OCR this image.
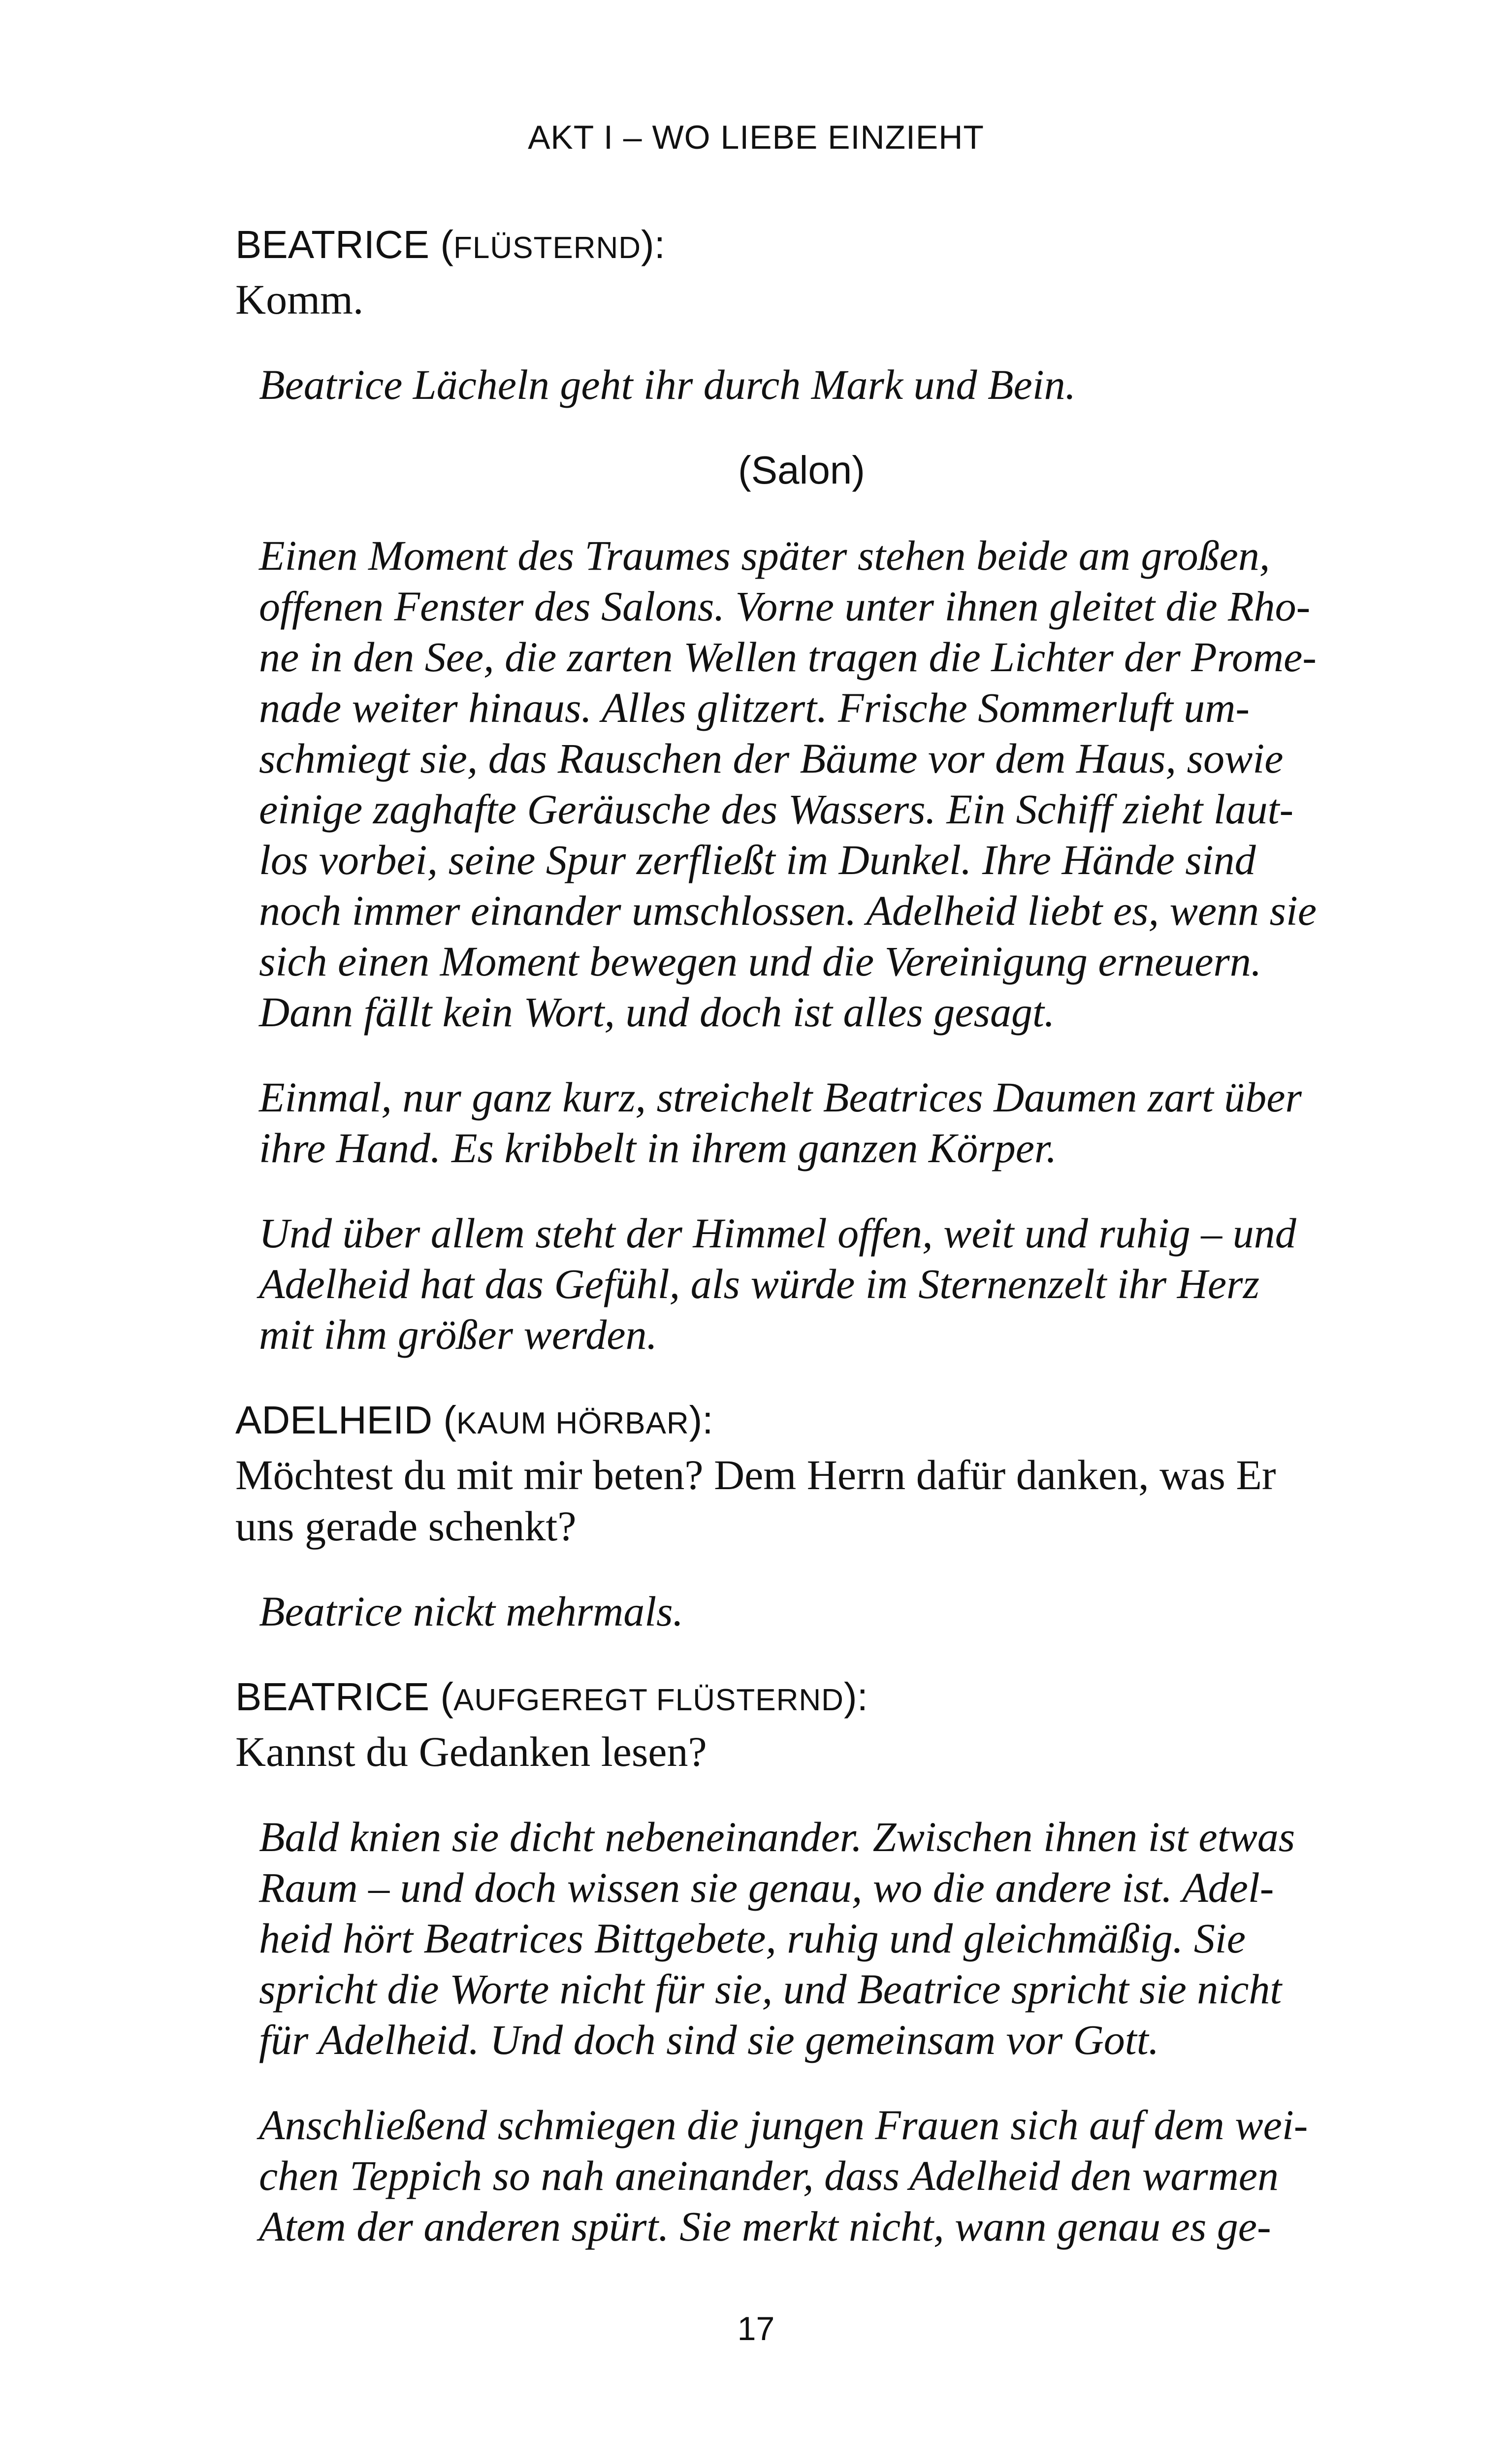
AKT I – WO LIEBE EINZIEHT

BEATRICE (FLÜSTERND):

Komm.

Beatrice Lächeln geht ihr durch Mark und Bein.

(Salon)

Einen Moment des Traumes später stehen beide am großen,
offenen Fenster des Salons. Vorne unter ihnen gleitet die Rho-
ne in den See, die zarten Wellen tragen die Lichter der Prome-
nade weiter hinaus. Alles glitzert. Frische Sommerluft um-
schmiegt sie, das Rauschen der Bäume vor dem Haus, sowie
einige zaghafte Geräusche des Wassers. Ein Schiff zieht laut-
los vorbei, seine Spur zerfließt im Dunkel. Ihre Hände sind
noch immer einander umschlossen. Adelheid liebt es, wenn sie
sich einen Moment bewegen und die Vereinigung erneuern.
Dann fällt kein Wort, und doch ist alles gesagt.

Einmal, nur ganz kurz, streichelt Beatrices Daumen zart über
ihre Hand. Es kribbelt in ihrem ganzen Körper.

Und über allem steht der Himmel offen, weit und ruhig – und
Adelheid hat das Gefühl, als würde im Sternenzelt ihr Herz
mit ihm größer werden.

ADELHEID (KAUM HÖRBAR):

Möchtest du mit mir beten? Dem Herrn dafür danken, was Er
uns gerade schenkt?

Beatrice nickt mehrmals.

BEATRICE (AUFGEREGT FLÜSTERND):

Kannst du Gedanken lesen?

Bald knien sie dicht nebeneinander. Zwischen ihnen ist etwas
Raum – und doch wissen sie genau, wo die andere ist. Adel-
heid hört Beatrices Bittgebete, ruhig und gleichmäßig. Sie
spricht die Worte nicht für sie, und Beatrice spricht sie nicht
für Adelheid. Und doch sind sie gemeinsam vor Gott.

Anschließend schmiegen die jungen Frauen sich auf dem wei-
chen Teppich so nah aneinander, dass Adelheid den warmen
Atem der anderen spürt. Sie merkt nicht, wann genau es ge-

17
